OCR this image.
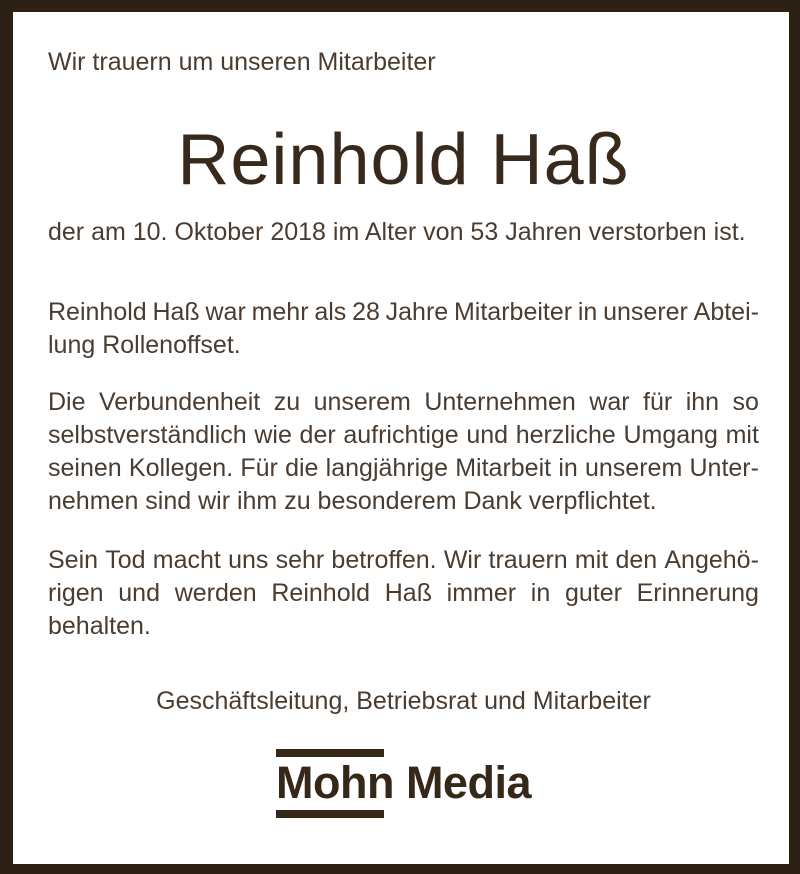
Wir trauern um unseren Mitarbeiter

Reinhold Haß

der am 10. Oktober 2018 im Alter von 53 Jahren verstorben ist.

Reinhold Haß war mehr als 28 Jahre Mitarbeiter in unserer Abtei-
lung Rollenoffset.
Die Verbundenheit zu unserem Unternehmen war für ihn so
selbstverständlich wie der aufrichtige und herzliche Umgang mit
seinen Kollegen. Für die langjährige Mitarbeit in unserem Unter-
nehmen sind wir ihm zu besonderem Dank verpflichtet.
Sein Tod macht uns sehr betroffen. Wir trauern mit den Angehö-
rigen und werden Reinhold Haß immer in guter Erinnerung
behalten.

Geschäftsleitung, Betriebsrat und Mitarbeiter

Mohn Media
